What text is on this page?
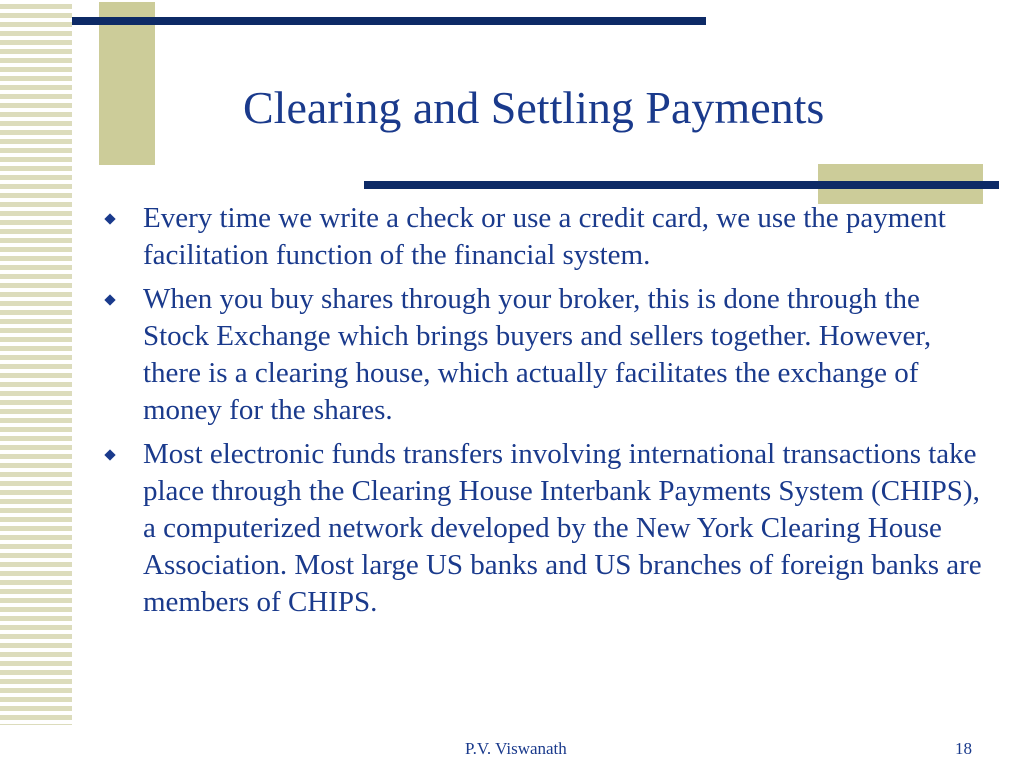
Clearing and Settling Payments
Every time we write a check or use a credit card, we use the payment facilitation function of the financial system.
When you buy shares through your broker, this is done through the Stock Exchange which brings buyers and sellers together. However, there is a clearing house, which actually facilitates the exchange of money for the shares.
Most electronic funds transfers involving international transactions take place through the Clearing House Interbank Payments System (CHIPS), a computerized network developed by the New York Clearing House Association. Most large US banks and US branches of foreign banks are members of CHIPS.
P.V. Viswanath	18
